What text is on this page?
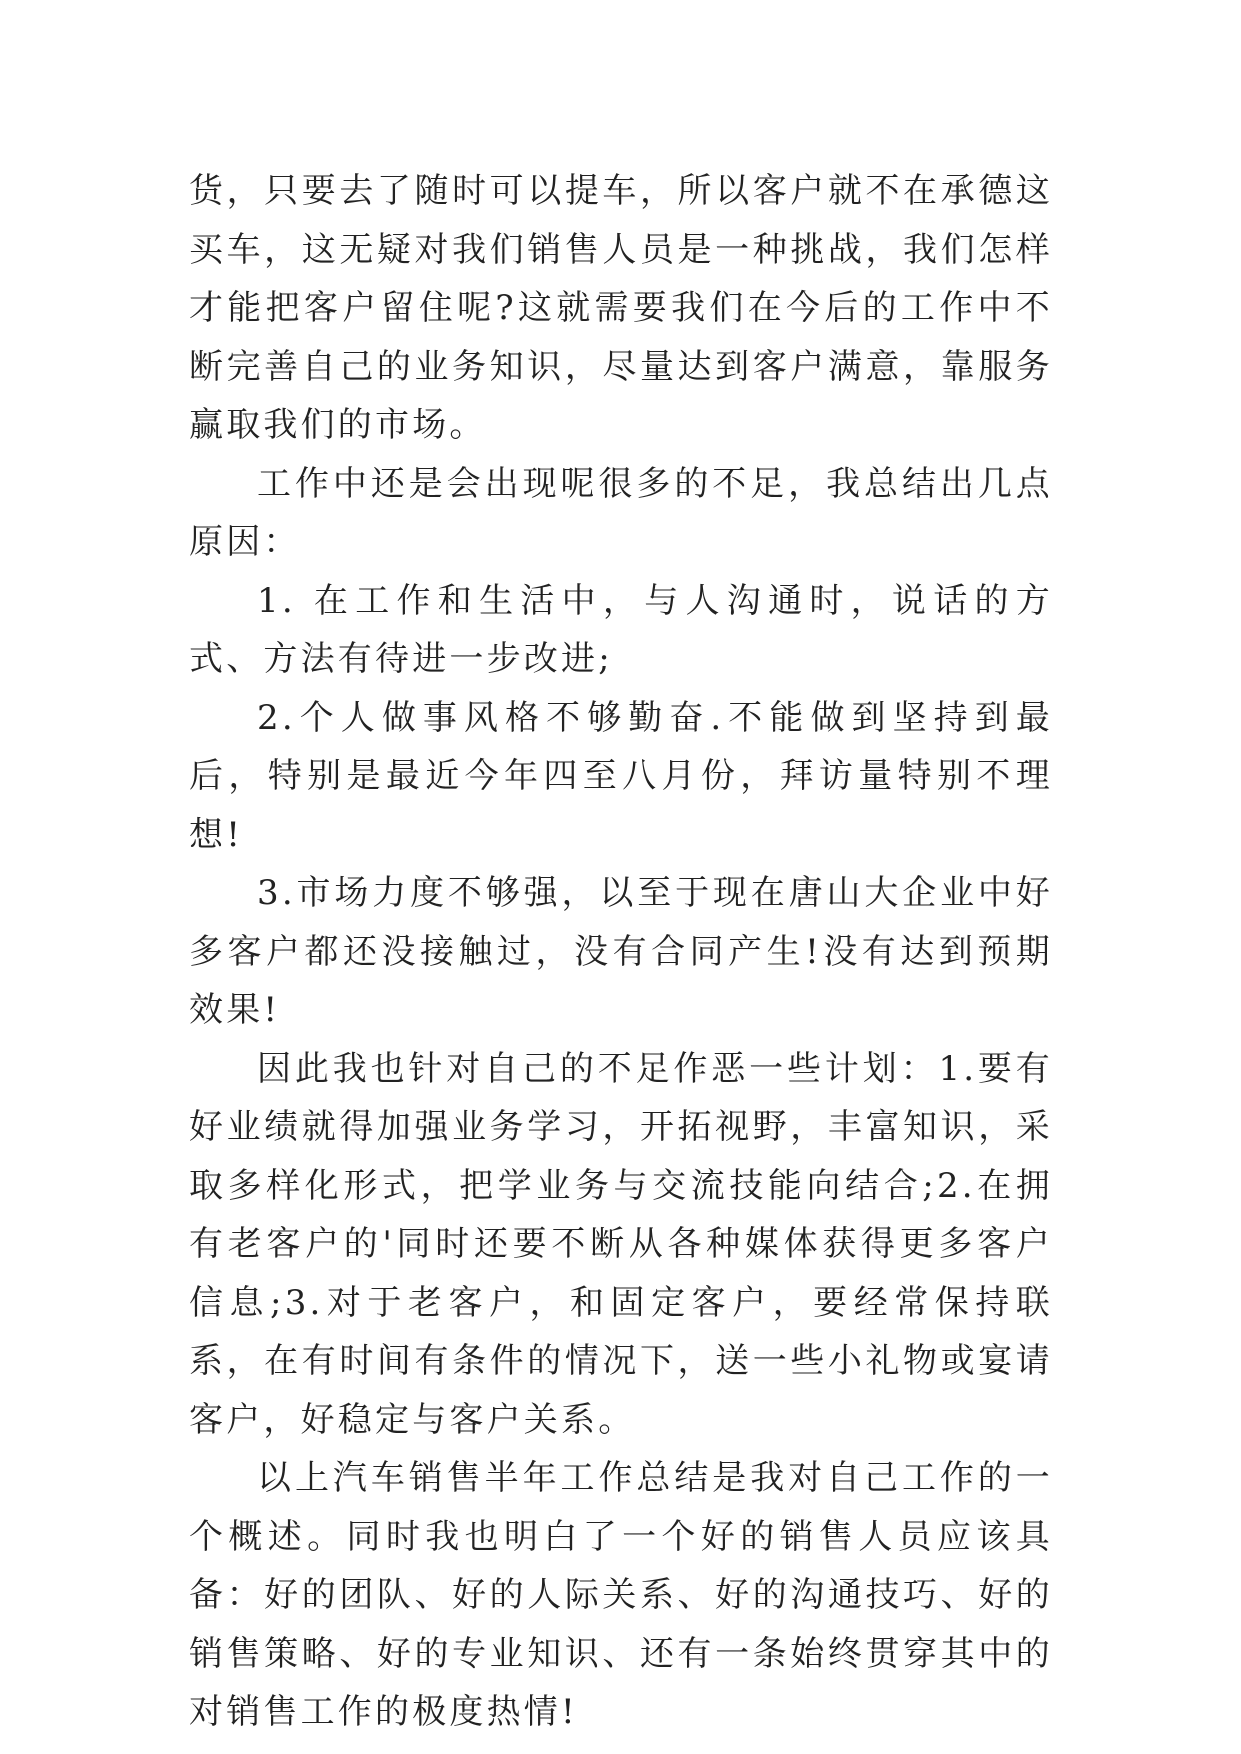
货，只要去了随时可以提车，所以客户就不在承德这买车，这无疑对我们销售人员是一种挑战，我们怎样才能把客户留住呢?这就需要我们在今后的工作中不断完善自己的业务知识，尽量达到客户满意，靠服务赢取我们的市场。

工作中还是会出现呢很多的不足，我总结出几点原因：

1. 在工作和生活中，与人沟通时，说话的方式、方法有待进一步改进;

2.个人做事风格不够勤奋.不能做到坚持到最后，特别是最近今年四至八月份，拜访量特别不理想!

3.市场力度不够强，以至于现在唐山大企业中好多客户都还没接触过，没有合同产生!没有达到预期效果!

因此我也针对自己的不足作恶一些计划：1.要有好业绩就得加强业务学习，开拓视野，丰富知识，采取多样化形式，把学业务与交流技能向结合;2.在拥有老客户的'同时还要不断从各种媒体获得更多客户信息;3.对于老客户，和固定客户，要经常保持联系，在有时间有条件的情况下，送一些小礼物或宴请客户，好稳定与客户关系。

以上汽车销售半年工作总结是我对自己工作的一个概述。同时我也明白了一个好的销售人员应该具备：好的团队、好的人际关系、好的沟通技巧、好的销售策略、好的专业知识、还有一条始终贯穿其中的对销售工作的极度热情!
